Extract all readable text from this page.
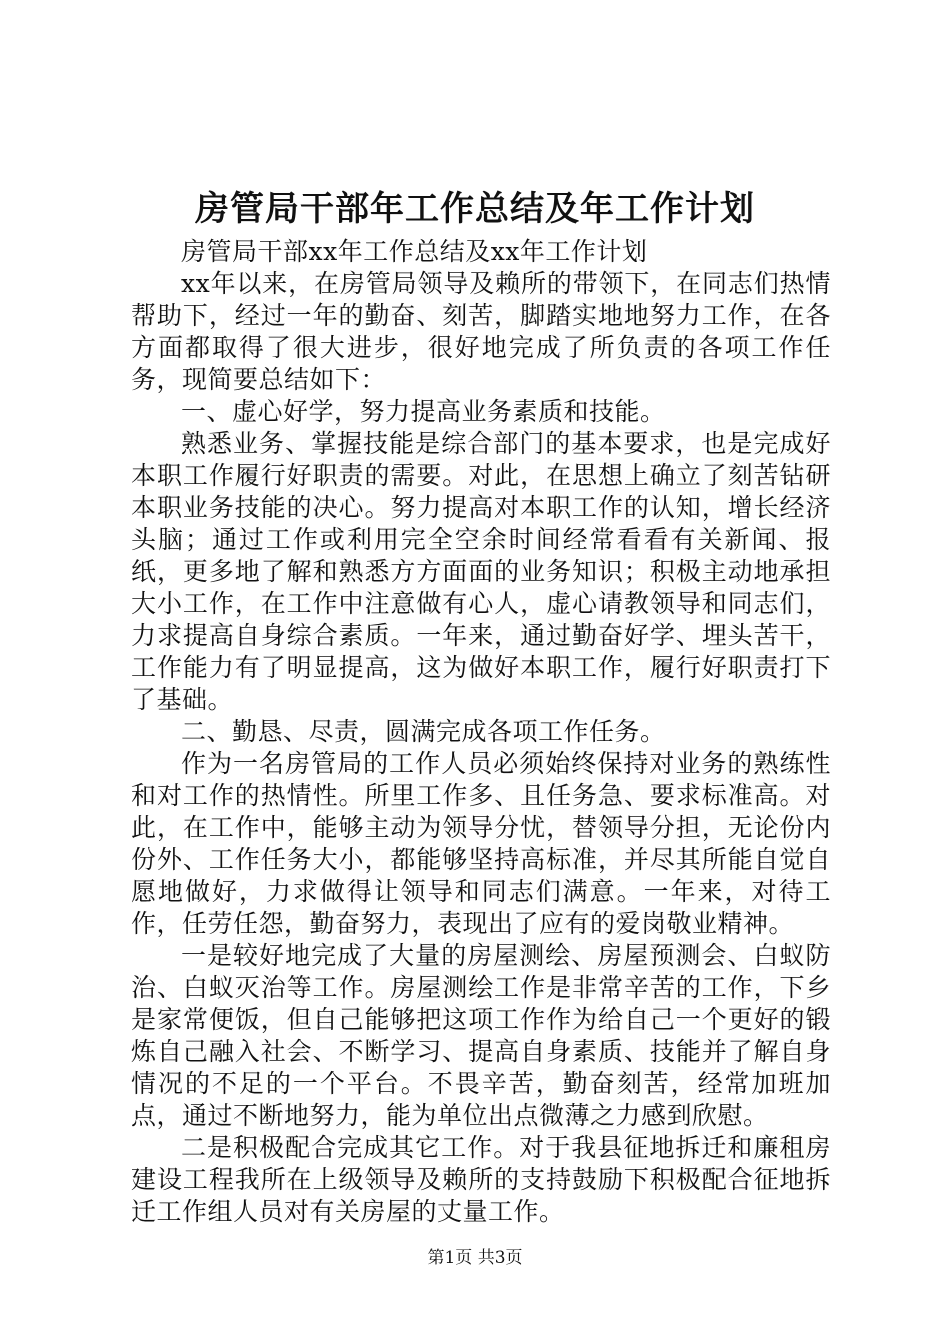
房管局干部年工作总结及年工作计划

房管局干部xx年工作总结及xx年工作计划

xx年以来，在房管局领导及赖所的带领下，在同志们热情帮助下，经过一年的勤奋、刻苦，脚踏实地地努力工作，在各方面都取得了很大进步，很好地完成了所负责的各项工作任务，现简要总结如下：

一、虚心好学，努力提高业务素质和技能。

熟悉业务、掌握技能是综合部门的基本要求，也是完成好本职工作履行好职责的需要。对此，在思想上确立了刻苦钻研本职业务技能的决心。努力提高对本职工作的认知，增长经济头脑；通过工作或利用完全空余时间经常看看有关新闻、报纸，更多地了解和熟悉方方面面的业务知识；积极主动地承担大小工作，在工作中注意做有心人，虚心请教领导和同志们，力求提高自身综合素质。一年来，通过勤奋好学、埋头苦干，工作能力有了明显提高，这为做好本职工作，履行好职责打下了基础。

二、勤恳、尽责，圆满完成各项工作任务。

作为一名房管局的工作人员必须始终保持对业务的熟练性和对工作的热情性。所里工作多、且任务急、要求标准高。对此，在工作中，能够主动为领导分忧，替领导分担，无论份内份外、工作任务大小，都能够坚持高标准，并尽其所能自觉自愿地做好，力求做得让领导和同志们满意。一年来，对待工作，任劳任怨，勤奋努力，表现出了应有的爱岗敬业精神。

一是较好地完成了大量的房屋测绘、房屋预测会、白蚁防治、白蚁灭治等工作。房屋测绘工作是非常辛苦的工作，下乡是家常便饭，但自己能够把这项工作作为给自己一个更好的锻炼自己融入社会、不断学习、提高自身素质、技能并了解自身情况的不足的一个平台。不畏辛苦，勤奋刻苦，经常加班加点，通过不断地努力，能为单位出点微薄之力感到欣慰。

二是积极配合完成其它工作。对于我县征地拆迁和廉租房建设工程我所在上级领导及赖所的支持鼓励下积极配合征地拆迁工作组人员对有关房屋的丈量工作。

第1页 共3页
